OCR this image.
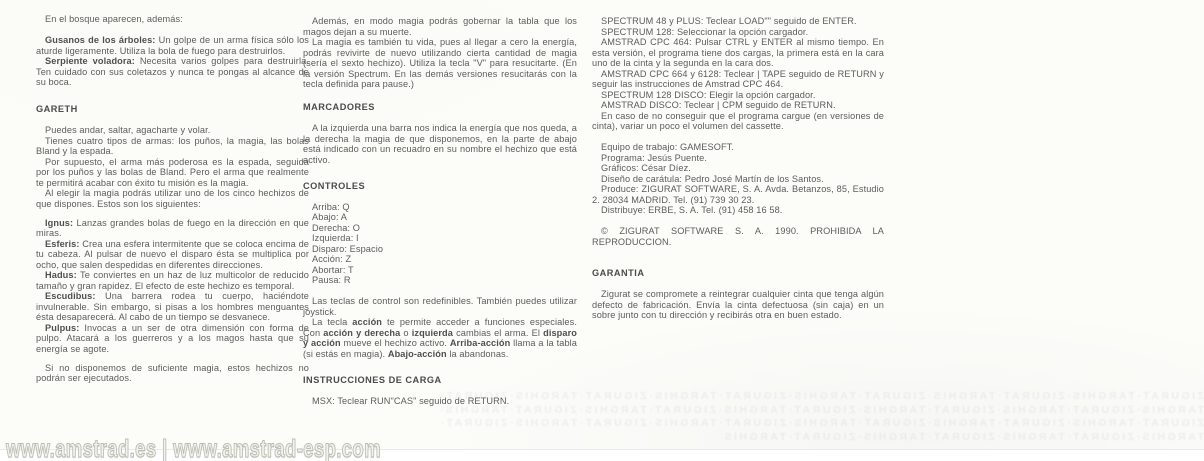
En el bosque aparecen, además:

Gusanos de los árboles: Un golpe de un arma física sólo los aturde ligeramente. Utiliza la bola de fuego para destruirlos.

Serpiente voladora: Necesita varios golpes para destruirla. Ten cuidado con sus coletazos y nunca te pongas al alcance de su boca.

GARETH

Puedes andar, saltar, agacharte y volar.

Tienes cuatro tipos de armas: los puños, la magia, las bolas Bland y la espada.

Por supuesto, el arma más poderosa es la espada, seguida por los puños y las bolas de Bland. Pero el arma que realmente te permitirá acabar con éxito tu misión es la magia.

Al elegir la magia podrás utilizar uno de los cinco hechizos de que dispones. Estos son los siguientes:

Ignus: Lanzas grandes bolas de fuego en la dirección en que miras.

Esferis: Crea una esfera intermitente que se coloca encima de tu cabeza. Al pulsar de nuevo el disparo ésta se multiplica por ocho, que salen despedidas en diferentes direcciones.

Hadus: Te conviertes en un haz de luz multicolor de reducido tamaño y gran rapidez. El efecto de este hechizo es temporal.

Escudibus: Una barrera rodea tu cuerpo, haciéndote invulnerable. Sin embargo, si pisas a los hombres menguantes ésta desaparecerá. Al cabo de un tiempo se desvanece.

Pulpus: Invocas a un ser de otra dimensión con forma de pulpo. Atacará a los guerreros y a los magos hasta que su energía se agote.

Si no disponemos de suficiente magia, estos hechizos no podrán ser ejecutados.

Además, en modo magia podrás gobernar la tabla que los magos dejan a su muerte.

La magia es también tu vida, pues al llegar a cero la energía, podrás revivirte de nuevo utilizando cierta cantidad de magia (sería el sexto hechizo). Utiliza la tecla "V" para resucitarte. (En la versión Spectrum. En las demás versiones resucitarás con la tecla definida para pause.)

MARCADORES

A la izquierda una barra nos indica la energía que nos queda, a la derecha la magia de que disponemos, en la parte de abajo está indicado con un recuadro en su nombre el hechizo que está activo.

CONTROLES
Arriba: Q
Abajo: A
Derecha: O
Izquierda: I
Disparo: Espacio
Acción: Z
Abortar: T
Pausa: R

Las teclas de control son redefinibles. También puedes utilizar joystick.

La tecla acción te permite acceder a funciones especiales. Con acción y derecha o izquierda cambias el arma. El disparo y acción mueve el hechizo activo. Arriba-acción llama a la tabla (si estás en magia). Abajo-acción la abandonas.

INSTRUCCIONES DE CARGA

MSX: Teclear RUN"CAS" seguido de RETURN.

SPECTRUM 48 y PLUS: Teclear LOAD"" seguido de ENTER.

SPECTRUM 128: Seleccionar la opción cargador.

AMSTRAD CPC 464: Pulsar CTRL y ENTER al mismo tiempo. En esta versión, el programa tiene dos cargas, la primera está en la cara uno de la cinta y la segunda en la cara dos.

AMSTRAD CPC 664 y 6128: Teclear | TAPE seguido de RETURN y seguir las instrucciones de Amstrad CPC 464.

SPECTRUM 128 DISCO: Elegir la opción cargador.

AMSTRAD DISCO: Teclear | CPM seguido de RETURN.

En caso de no conseguir que el programa cargue (en versiones de cinta), variar un poco el volumen del cassette.

Equipo de trabajo: GAMESOFT.
Programa: Jesús Puente.
Gráficos: César Díez.

Diseño de carátula: Pedro José Martín de los Santos.

Produce: ZIGURAT SOFTWARE, S. A. Avda. Betanzos, 85, Estudio 2. 28034 MADRID. Tel. (91) 739 30 23.

Distribuye: ERBE, S. A. Tel. (91) 458 16 58.

© ZIGURAT SOFTWARE S. A. 1990. PROHIBIDA LA REPRODUCCION.

GARANTIA

Zigurat se compromete a reintegrar cualquier cinta que tenga algún defecto de fabricación. Envía la cinta defectuosa (sin caja) en un sobre junto con tu dirección y recibirás otra en buen estado.

ZIGURAT·TARGHIS·ZIGURAT·TARGHIS·ZIGURAT·TARGHIS·ZIGURAT·TARGHIS·ZIGURAT·TARGHIS·ZIGURAT·TARGHIS·ZIGURAT·TARGHIS·ZIGURAT·TARGHIS·ZIGURAT·TARGHIS·ZIGURAT·TARGHIS·ZIGURAT·TARGHIS·ZIGURAT·TARGHIS·ZIGURAT·TARGHIS·ZIGURAT·TARGHIS·ZIGURAT·TARGHIS·ZIGURAT·TARGHIS·ZIGURAT·TARGHIS·ZIGURAT·TARGHIS·ZIGURAT·TARGHIS·ZIGURAT·TARGHIS
www.amstrad.es | www.amstrad-esp.com
